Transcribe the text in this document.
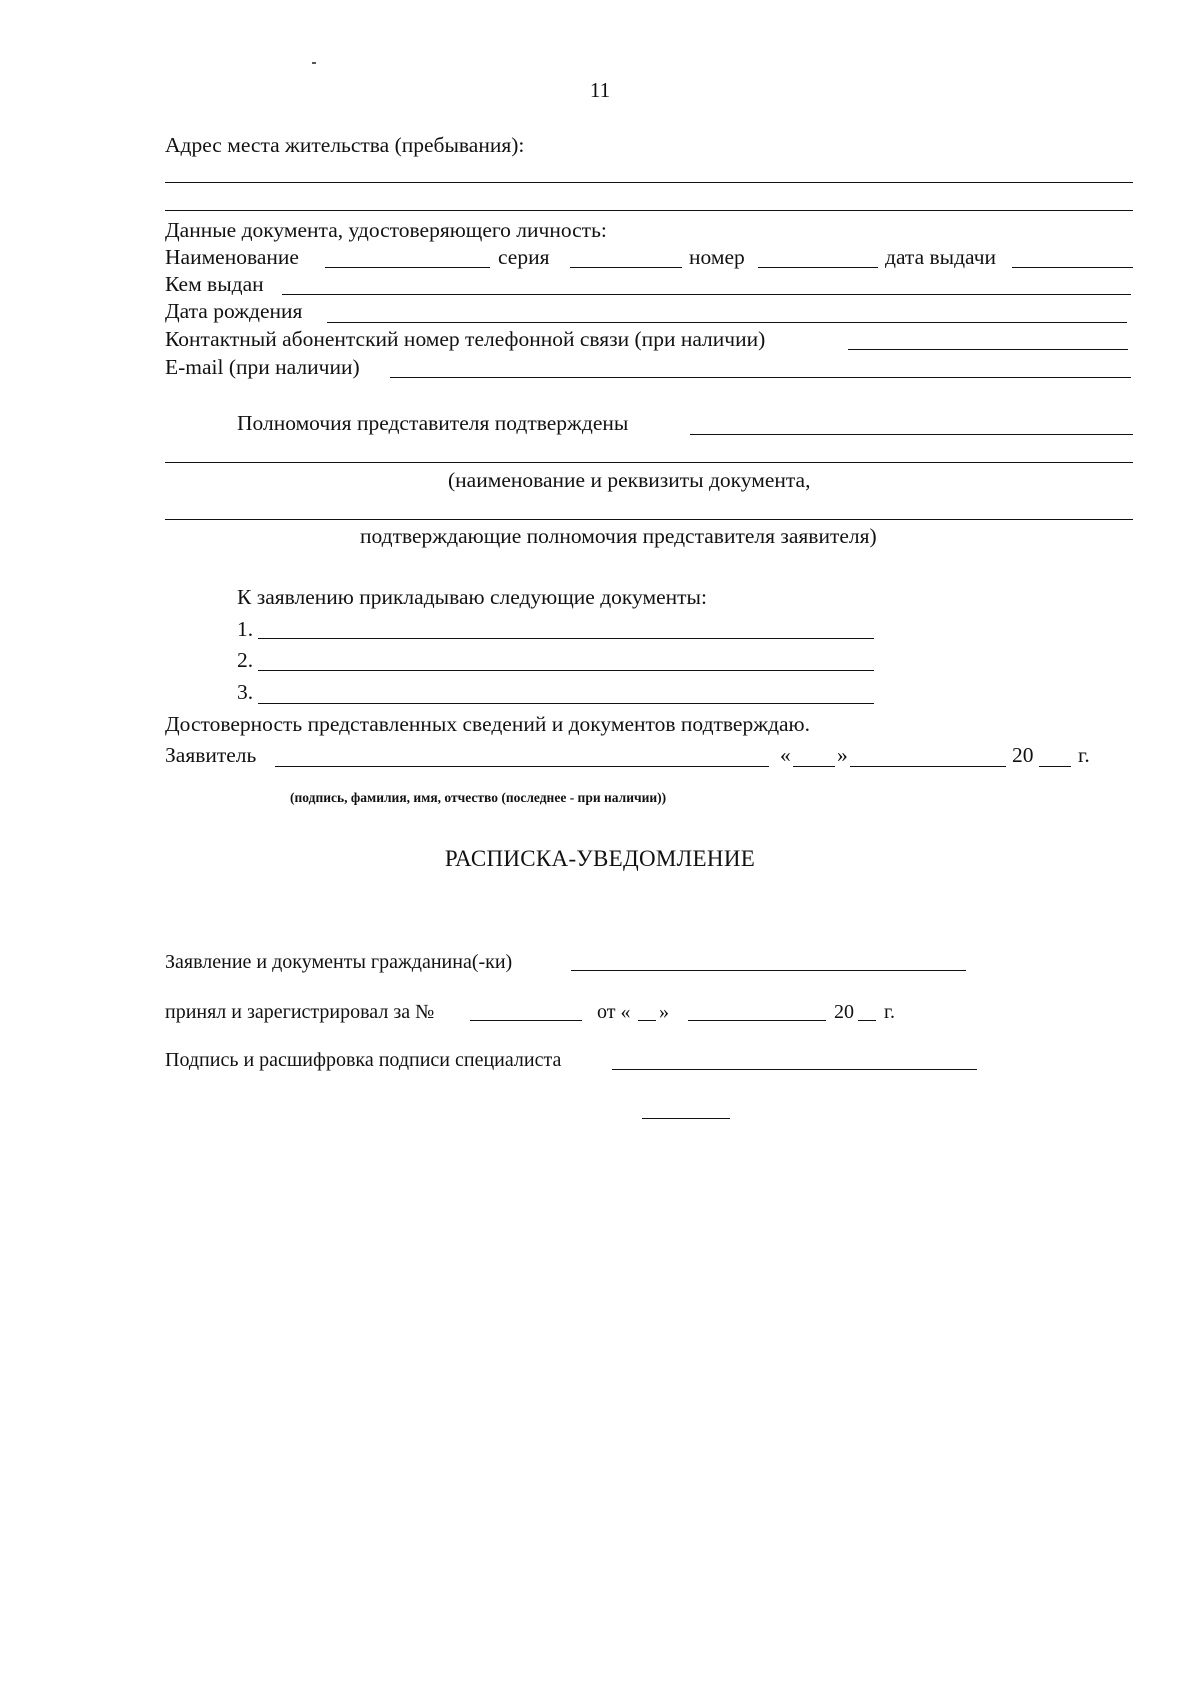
11
Адрес места жительства (пребывания):
Данные документа, удостоверяющего личность:
Наименование	серия	номер	дата выдачи
Кем выдан
Дата рождения
Контактный абонентский номер телефонной связи (при наличии)
E-mail (при наличии)
Полномочия представителя подтверждены
(наименование и реквизиты документа,
подтверждающие полномочия представителя заявителя)
К заявлению прикладываю следующие документы:
1.
2.
3.
Достоверность представленных сведений и документов подтверждаю.
Заявитель	« »	20 г.
(подпись, фамилия, имя, отчество (последнее - при наличии))
РАСПИСКА-УВЕДОМЛЕНИЕ
Заявление и документы гражданина(-ки)
принял и зарегистрировал за №	от « »	20 г.
Подпись и расшифровка подписи специалиста
